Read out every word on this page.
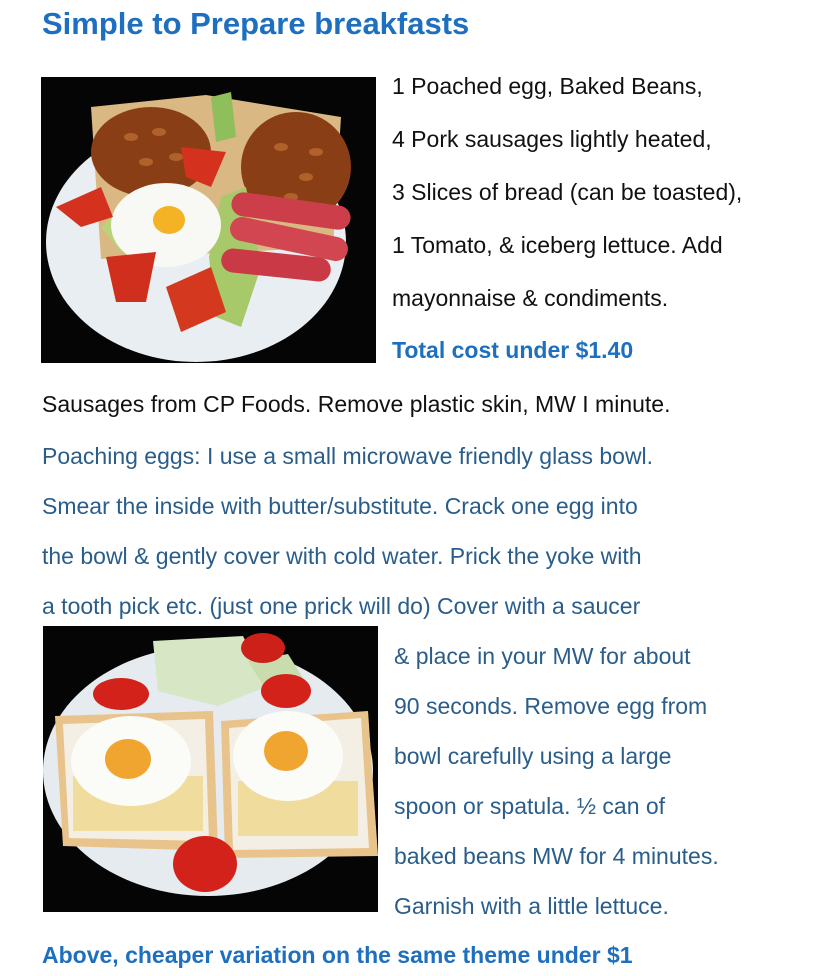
Simple to Prepare breakfasts

1 Poached egg, Baked Beans,

4 Pork sausages lightly heated,

3 Slices of bread (can be toasted),

1 Tomato, & iceberg lettuce. Add

mayonnaise & condiments.

Total cost under $1.40

Sausages from CP Foods. Remove plastic skin, MW I minute.

Poaching eggs: I use a small microwave friendly glass bowl.

Smear the inside with butter/substitute. Crack one egg into

the bowl & gently cover with cold water. Prick the yoke with

a tooth pick etc. (just one prick will do) Cover with a saucer

& place in your MW for about

90 seconds. Remove egg from

bowl carefully using a large

spoon or spatula. ½ can of

baked beans MW for 4 minutes.

Garnish with a little lettuce.

Above, cheaper variation on the same theme under $1
